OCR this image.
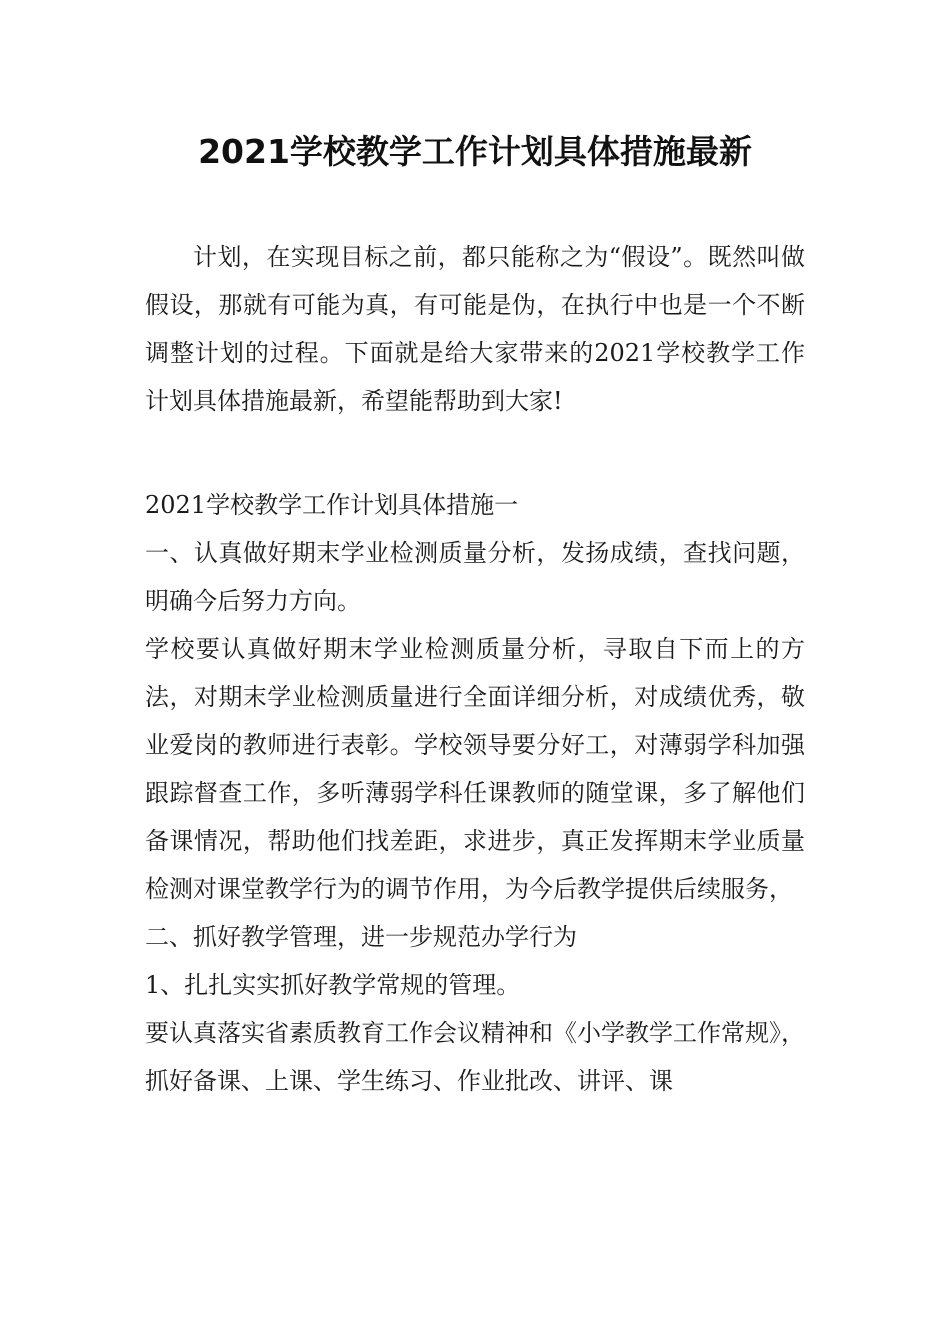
2021学校教学工作计划具体措施最新

计划，在实现目标之前，都只能称之为“假设”。既然叫做假设，那就有可能为真，有可能是伪，在执行中也是一个不断调整计划的过程。下面就是给大家带来的2021学校教学工作计划具体措施最新，希望能帮助到大家!

2021学校教学工作计划具体措施一

一、认真做好期末学业检测质量分析，发扬成绩，查找问题，明确今后努力方向。

学校要认真做好期末学业检测质量分析，寻取自下而上的方法，对期末学业检测质量进行全面详细分析，对成绩优秀，敬业爱岗的教师进行表彰。学校领导要分好工，对薄弱学科加强跟踪督查工作，多听薄弱学科任课教师的随堂课，多了解他们备课情况，帮助他们找差距，求进步，真正发挥期末学业质量检测对课堂教学行为的调节作用，为今后教学提供后续服务，

二、抓好教学管理，进一步规范办学行为

1、扎扎实实抓好教学常规的管理。

要认真落实省素质教育工作会议精神和《小学教学工作常规》，抓好备课、上课、学生练习、作业批改、讲评、课
